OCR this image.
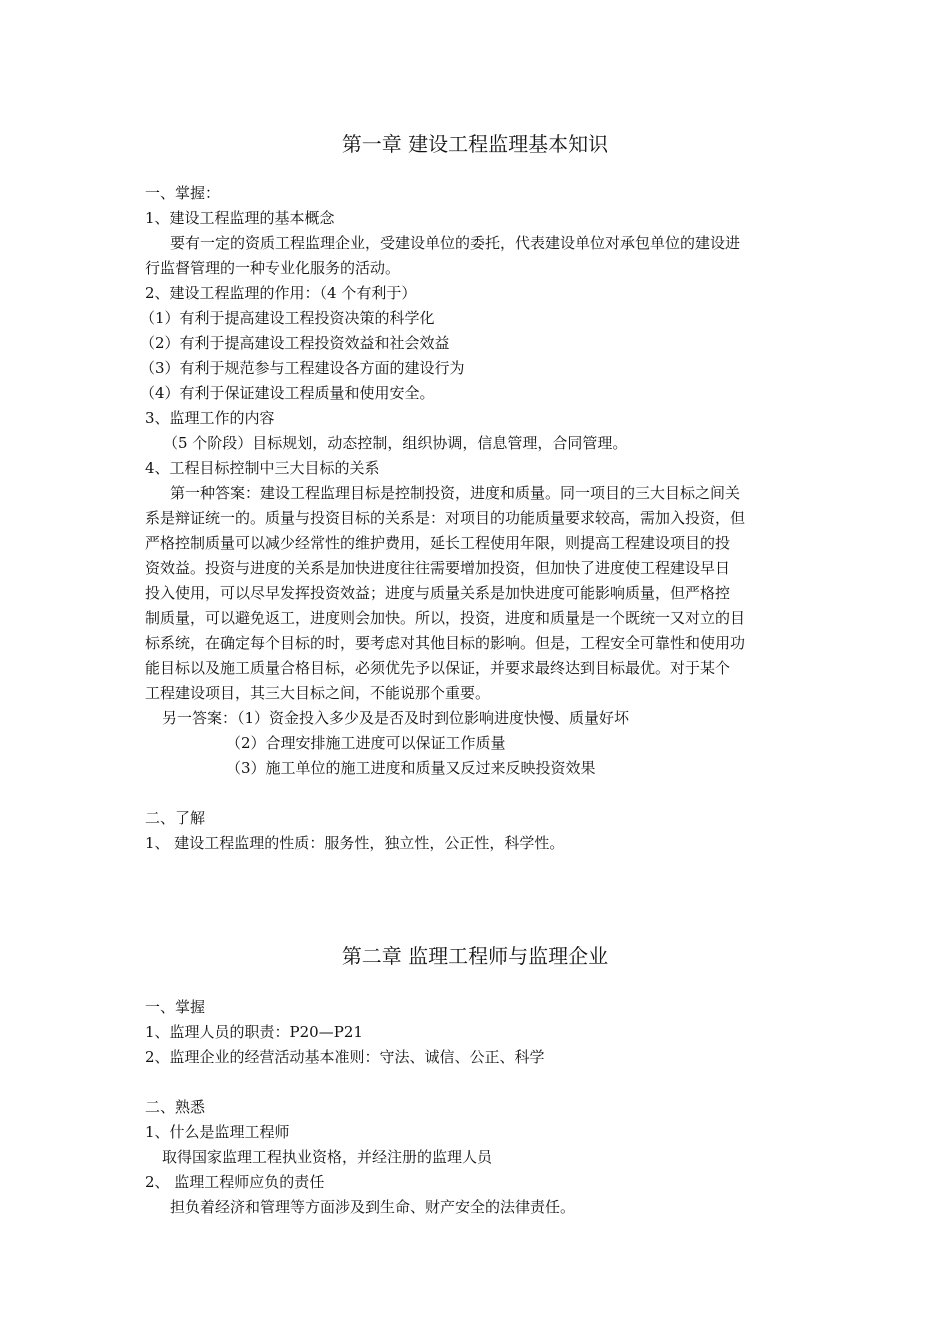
第一章 建设工程监理基本知识
一、掌握：
1、建设工程监理的基本概念
要有一定的资质工程监理企业，受建设单位的委托，代表建设单位对承包单位的建设进
行监督管理的一种专业化服务的活动。
2、建设工程监理的作用：（4 个有利于）
（1）有利于提高建设工程投资决策的科学化
（2）有利于提高建设工程投资效益和社会效益
（3）有利于规范参与工程建设各方面的建设行为
（4）有利于保证建设工程质量和使用安全。
3、监理工作的内容
（5 个阶段）目标规划，动态控制，组织协调，信息管理，合同管理。
4、工程目标控制中三大目标的关系
第一种答案：建设工程监理目标是控制投资，进度和质量。同一项目的三大目标之间关
系是辩证统一的。质量与投资目标的关系是：对项目的功能质量要求较高，需加入投资，但
严格控制质量可以减少经常性的维护费用，延长工程使用年限，则提高工程建设项目的投
资效益。投资与进度的关系是加快进度往往需要增加投资，但加快了进度使工程建设早日
投入使用，可以尽早发挥投资效益；进度与质量关系是加快进度可能影响质量，但严格控
制质量，可以避免返工，进度则会加快。所以，投资，进度和质量是一个既统一又对立的目
标系统，在确定每个目标的时，要考虑对其他目标的影响。但是，工程安全可靠性和使用功
能目标以及施工质量合格目标，必须优先予以保证，并要求最终达到目标最优。对于某个
工程建设项目，其三大目标之间，不能说那个重要。
另一答案：（1）资金投入多少及是否及时到位影响进度快慢、质量好坏
（2）合理安排施工进度可以保证工作质量
（3）施工单位的施工进度和质量又反过来反映投资效果
二、了解
1、 建设工程监理的性质：服务性，独立性，公正性，科学性。
第二章 监理工程师与监理企业
一、掌握
1、监理人员的职责：P20—P21
2、监理企业的经营活动基本准则：守法、诚信、公正、科学
二、熟悉
1、什么是监理工程师
取得国家监理工程执业资格，并经注册的监理人员
2、 监理工程师应负的责任
担负着经济和管理等方面涉及到生命、财产安全的法律责任。
